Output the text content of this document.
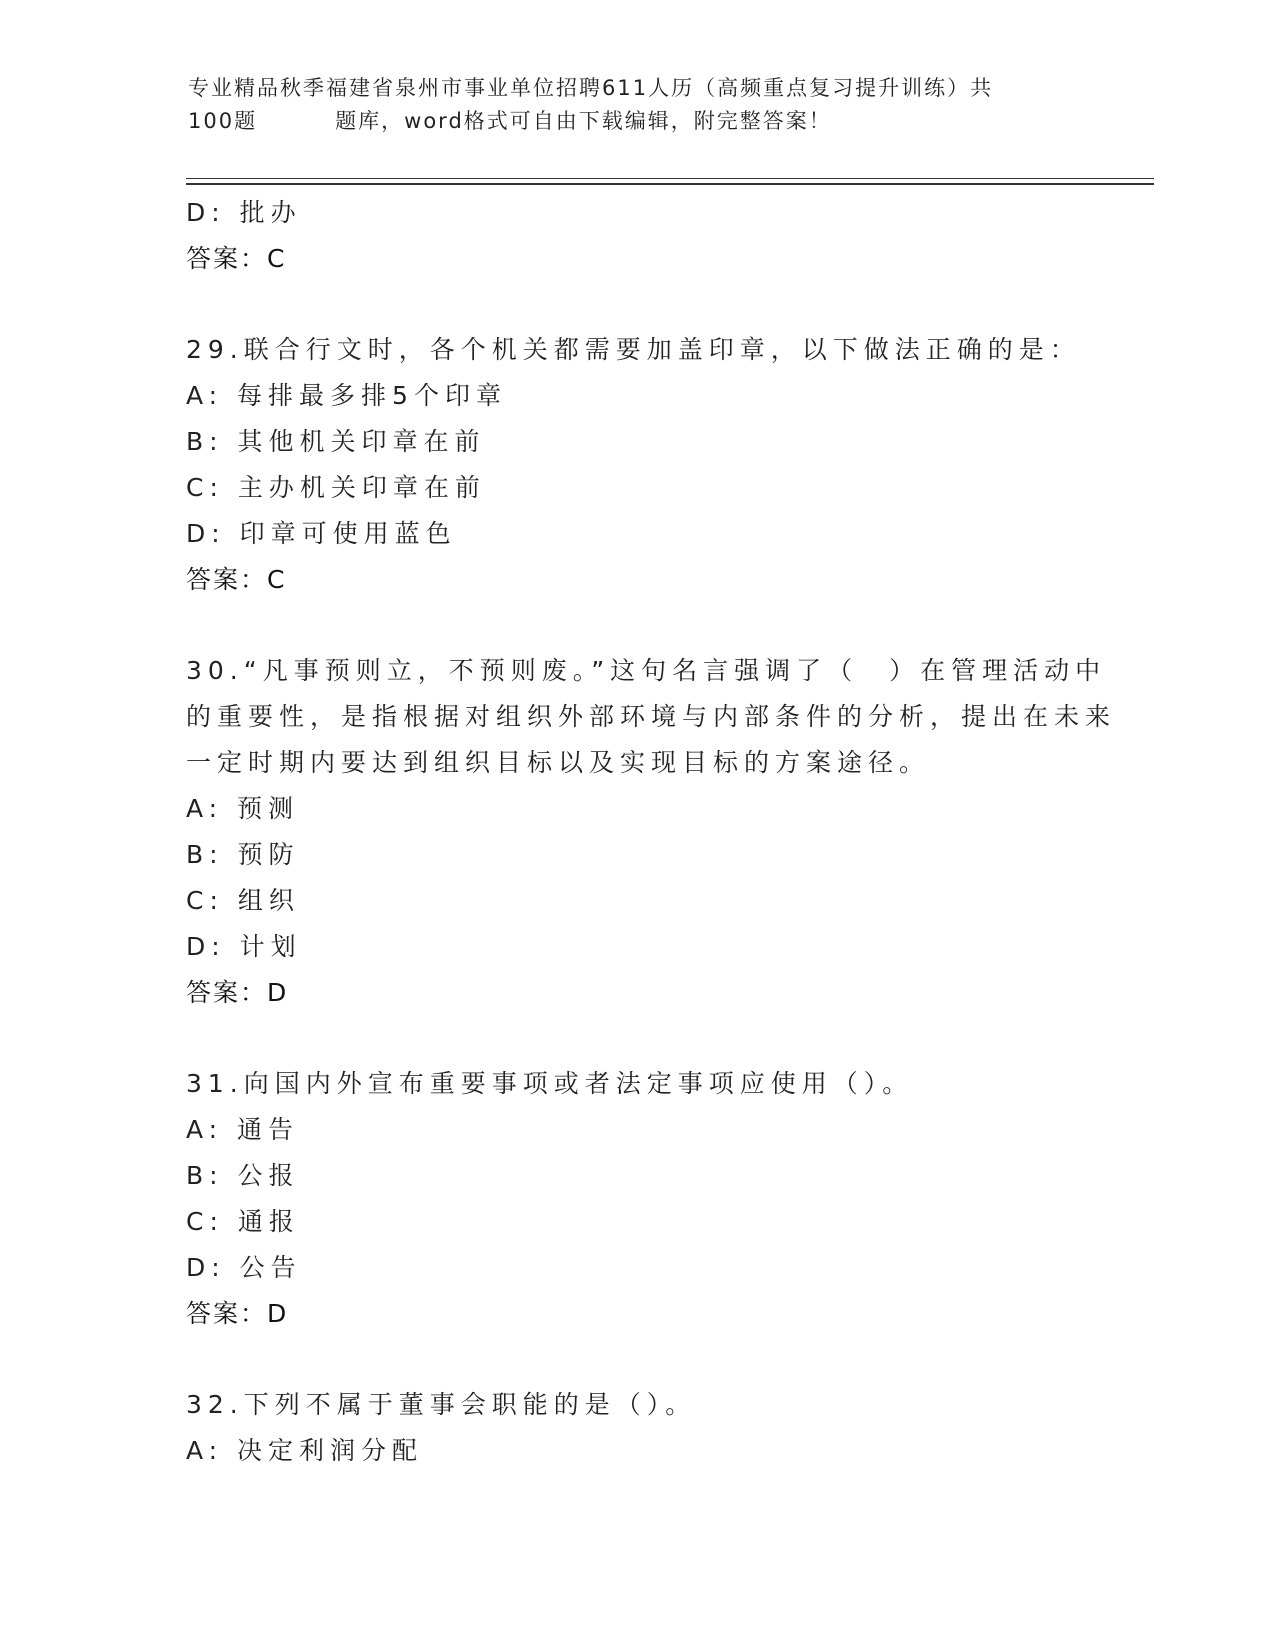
专业精品秋季福建省泉州市事业单位招聘611人历（高频重点复习提升训练）共
100题         题库，word格式可自由下载编辑，附完整答案！
D: 批办
答案：C
29.联合行文时，各个机关都需要加盖印章，以下做法正确的是：
A: 每排最多排5个印章
B: 其他机关印章在前
C: 主办机关印章在前
D: 印章可使用蓝色
答案：C
30.“凡事预则立，不预则废。”这句名言强调了（　）在管理活动中
的重要性，是指根据对组织外部环境与内部条件的分析，提出在未来
一定时期内要达到组织目标以及实现目标的方案途径。
A: 预测
B: 预防
C: 组织
D: 计划
答案：D
31.向国内外宣布重要事项或者法定事项应使用（）。
A: 通告
B: 公报
C: 通报
D: 公告
答案：D
32.下列不属于董事会职能的是（）。
A: 决定利润分配
